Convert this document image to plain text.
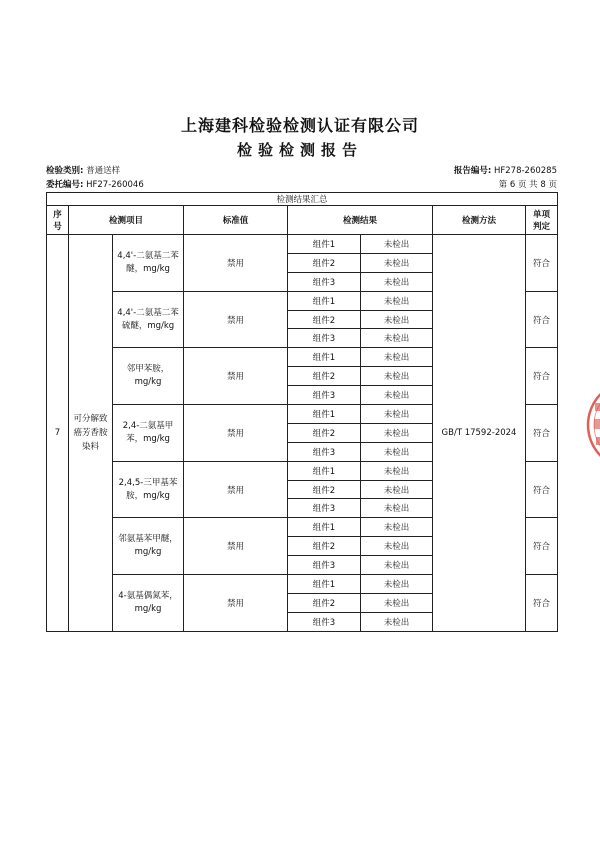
上海建科检验检测认证有限公司
检验检测报告
检验类别: 普通送样	报告编号: HF278-260285
委托编号: HF27-260046	第 6 页 共 8 页
检测结果汇总							
序号	检测项目		标准值	检测结果		检测方法	单项判定
7	可分解致癌芳香胺染料	4,4'-二氨基二苯醚，mg/kg	禁用	组件1	未检出	GB/T 17592-2024	符合
				组件2	未检出		
				组件3	未检出		
		4,4'-二氨基二苯硫醚，mg/kg	禁用	组件1	未检出		符合
				组件2	未检出		
				组件3	未检出		
		邻甲苯胺，mg/kg	禁用	组件1	未检出		符合
				组件2	未检出		
				组件3	未检出		
		2,4-二氨基甲苯，mg/kg	禁用	组件1	未检出		符合
				组件2	未检出		
				组件3	未检出		
		2,4,5-三甲基苯胺，mg/kg	禁用	组件1	未检出		符合
				组件2	未检出		
				组件3	未检出		
		邻氨基苯甲醚，mg/kg	禁用	组件1	未检出		符合
				组件2	未检出		
				组件3	未检出		
		4-氨基偶氮苯，mg/kg	禁用	组件1	未检出		符合
				组件2	未检出		
				组件3	未检出		
